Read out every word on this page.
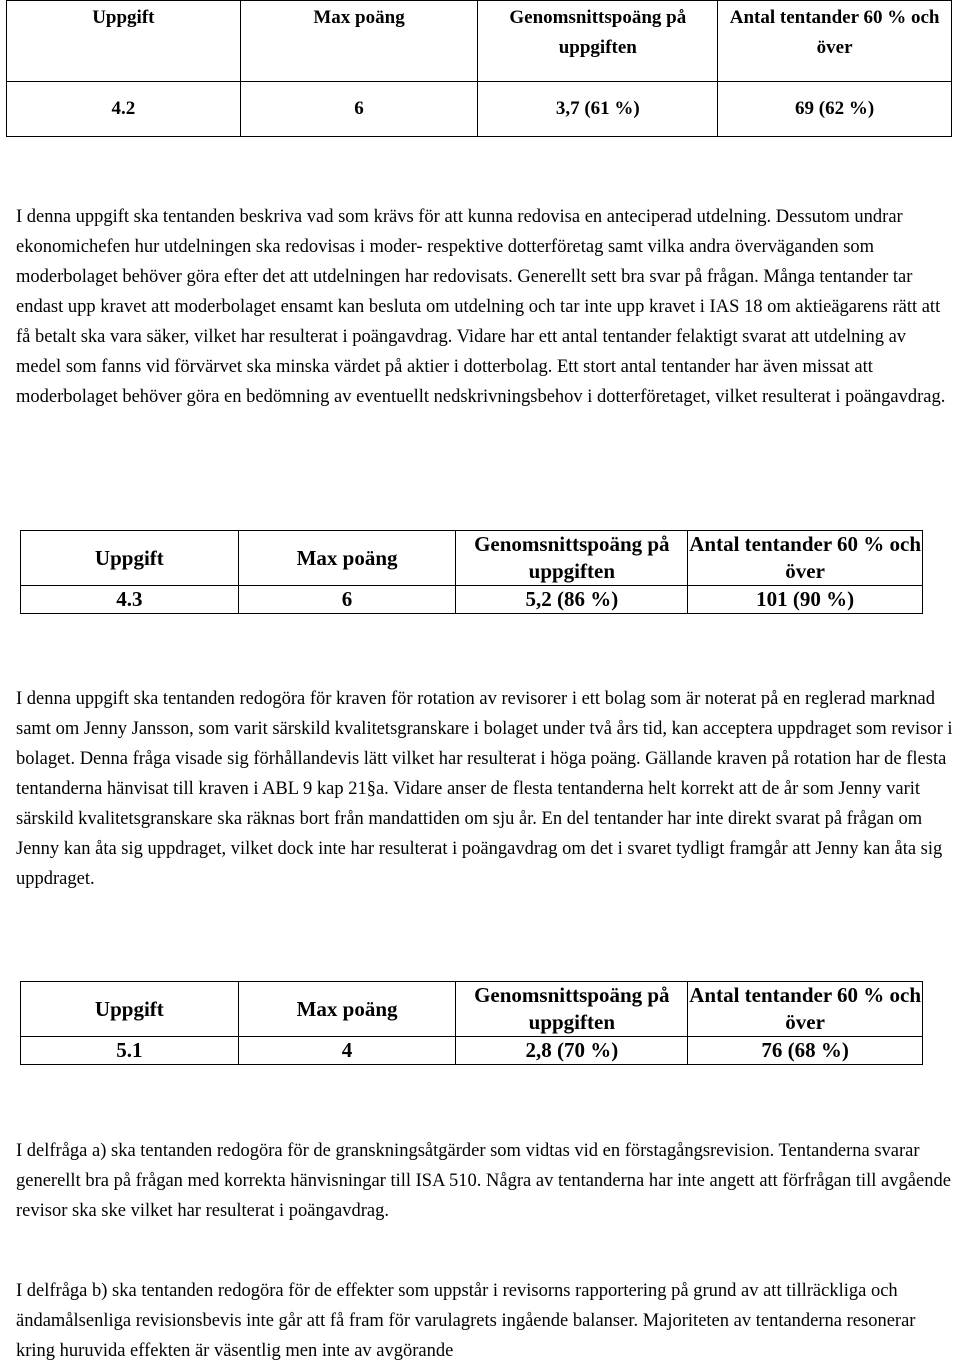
Uppgift	Max poäng	Genomsnittspoäng på uppgiften	Antal tentander 60 % och över
4.2	6	3,7 (61 %)	69 (62 %)

I denna uppgift ska tentanden beskriva vad som krävs för att kunna redovisa en anteciperad utdelning. Dessutom undrar ekonomichefen hur utdelningen ska redovisas i moder- respektive dotterföretag samt vilka andra överväganden som moderbolaget behöver göra efter det att utdelningen har redovisats. Generellt sett bra svar på frågan. Många tentander tar endast upp kravet att moderbolaget ensamt kan besluta om utdelning och tar inte upp kravet i IAS 18 om aktieägarens rätt att få betalt ska vara säker, vilket har resulterat i poängavdrag. Vidare har ett antal tentander felaktigt svarat att utdelning av medel som fanns vid förvärvet ska minska värdet på aktier i dotterbolag. Ett stort antal tentander har även missat att moderbolaget behöver göra en bedömning av eventuellt nedskrivningsbehov i dotterföretaget, vilket resulterat i poängavdrag.

Uppgift	Max poäng	Genomsnittspoäng på uppgiften	Antal tentander 60 % och över
4.3	6	5,2 (86 %)	101 (90 %)

I denna uppgift ska tentanden redogöra för kraven för rotation av revisorer i ett bolag som är noterat på en reglerad marknad samt om Jenny Jansson, som varit särskild kvalitetsgranskare i bolaget under två års tid, kan acceptera uppdraget som revisor i bolaget. Denna fråga visade sig förhållandevis lätt vilket har resulterat i höga poäng. Gällande kraven på rotation har de flesta tentanderna hänvisat till kraven i ABL 9 kap 21§a. Vidare anser de flesta tentanderna helt korrekt att de år som Jenny varit särskild kvalitetsgranskare ska räknas bort från mandattiden om sju år. En del tentander har inte direkt svarat på frågan om Jenny kan åta sig uppdraget, vilket dock inte har resulterat i poängavdrag om det i svaret tydligt framgår att Jenny kan åta sig uppdraget.

Uppgift	Max poäng	Genomsnittspoäng på uppgiften	Antal tentander 60 % och över
5.1	4	2,8 (70 %)	76 (68 %)

I delfråga a) ska tentanden redogöra för de granskningsåtgärder som vidtas vid en förstagångsrevision. Tentanderna svarar generellt bra på frågan med korrekta hänvisningar till ISA 510. Några av tentanderna har inte angett att förfrågan till avgående revisor ska ske vilket har resulterat i poängavdrag.

I delfråga b) ska tentanden redogöra för de effekter som uppstår i revisorns rapportering på grund av att tillräckliga och ändamålsenliga revisionsbevis inte går att få fram för varulagrets ingående balanser. Majoriteten av tentanderna resonerar kring huruvida effekten är väsentlig men inte av avgörande
